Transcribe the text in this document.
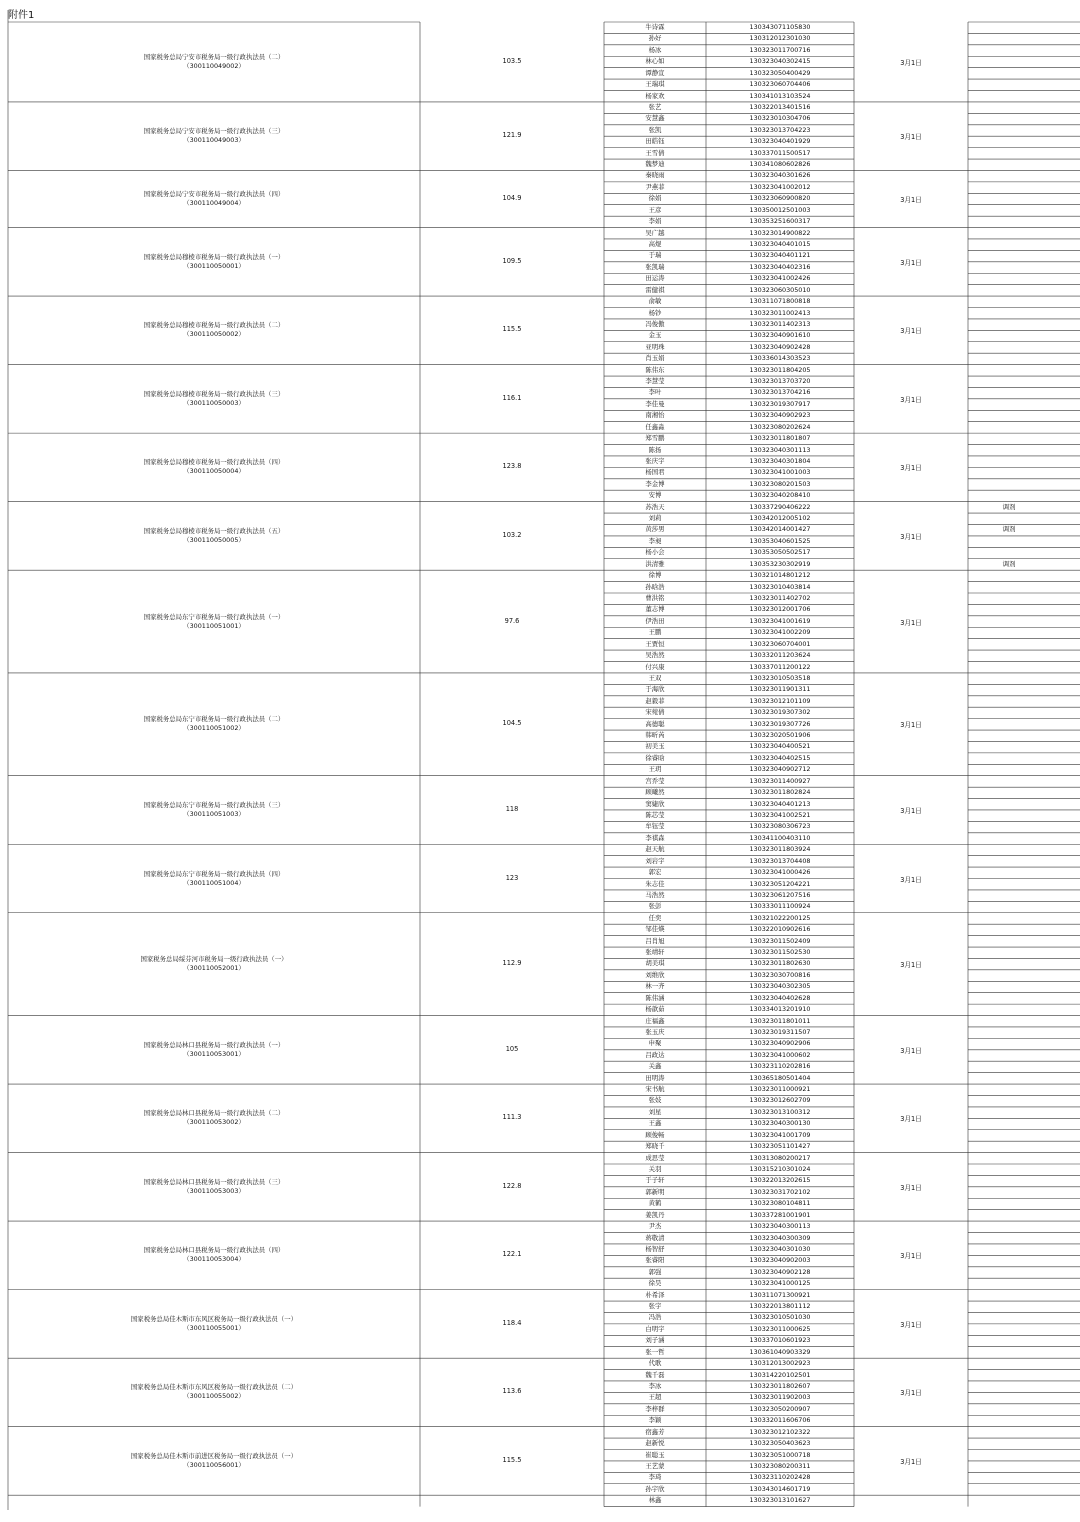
附件1
国家税务总局宁安市税务局一级行政执法员（二）
（300110049002）
103.5	3月1日
牛诗霖	130343071105830
孙好	130312012301030
杨冰	130323011700716
林心如	130323040302415
谭静宣	130323050400429
王瑞琪	130323060704406
杨家欢	130341013103524
国家税务总局宁安市税务局一级行政执法员（三）
（300110049003）
121.9	3月1日
张艺	130322013401516
安慧鑫	130323010304706
张凯	130323013704223
田皓钰	130323040401929
王雪倩	130337011500517
魏梦迪	130341080602826
国家税务总局宁安市税务局一级行政执法员（四）
（300110049004）
104.9	3月1日
秦晓雨	130323040301626
尹燕菲	130323041002012
徐娟	130323060900820
王彦	130350012501003
李娟	130353251600317
国家税务总局穆棱市税务局一级行政执法员（一）
（300110050001）
109.5	3月1日
吴广越	130323014900822
高煜	130323040401015
于瑞	130323040401121
张凯瑞	130323040402316
田运涛	130323041002426
雷健祺	130323060305010
国家税务总局穆棱市税务局一级行政执法员（二）
（300110050002）
115.5	3月1日
俞敏	130311071800818
杨钞	130323011002413
冯俊傲	130323011402313
金玉	130323040901610
亚明珠	130323040902428
肖玉娟	130336014303523
国家税务总局穆棱市税务局一级行政执法员（三）
（300110050003）
116.1	3月1日
陈伟东	130323011804205
李慧莹	130323013703720
李叶	130323013704216
李佳曼	130323019307917
南湘怡	130323040902923
任鑫淼	130323080202624
国家税务总局穆棱市税务局一级行政执法员（四）
（300110050004）
123.8	3月1日
郑雪鹏	130323011801807
陈扬	130323040301113
张庆宇	130323040301804
杨国君	130323041001003
李金博	130323080201503
安博	130323040208410
国家税务总局穆棱市税务局一级行政执法员（五）
（300110050005）
103.2	3月1日
苏浩天	130337290406222	调剂
刘莉	130342012005102
黄莎男	130342014001427	调剂
李昶	130353040601525
杨小会	130353050502517
洪清雅	130353230302919	调剂
国家税务总局东宁市税务局一级行政执法员（一）
（300110051001）
97.6	3月1日
徐博	130321014801212
孙晗浩	130323010403814
曹洪铭	130323011402702
董志博	130323012001706
伊浩田	130323041001619
王鹏	130323041002209
王贾恒	130323060704001
吴浩然	130332011203624
付兴康	130337011200122
国家税务总局东宁市税务局一级行政执法员（二）
（300110051002）
104.5	3月1日
王双	130323010503518
于海欣	130323011901311
赵毅菲	130323012101109
宋菀倩	130323019307302
高德聪	130323019307726
韩昕芮	130323020501906
初美玉	130323040400521
徐睿晗	130323040402515
王玥	130323040902712
国家税务总局东宁市税务局一级行政执法员（三）
（300110051003）
118	3月1日
宫乔莹	130323011400927
顾曦然	130323011802824
窦婕欣	130323040401213
陈芯莹	130323041002521
牟钰莹	130323080306723
李祺森	130341100403110
国家税务总局东宁市税务局一级行政执法员（四）
（300110051004）
123	3月1日
赵天航	130323011803924
刘岩宇	130323013704408
郭宏	130323041000426
朱志佳	130323051204221
马浩然	130323061207516
张彭	130333011100924
国家税务总局绥芬河市税务局一级行政执法员（一）
（300110052001）
112.9	3月1日
任奕	130321022200125
邹佳煐	130322010902616
吕肖旭	130323011502409
张靖轩	130323011502530
胡美琪	130323011802630
刘维欣	130323030700816
林一齐	130323040302305
陈伟涵	130323040402628
杨歆茹	130334013201910
国家税务总局林口县税务局一级行政执法员（一）
（300110053001）
105	3月1日
庄福鑫	130323011801011
张玉庆	130323019311507
申聚	130323040902906
吕政达	130323041000602
关鑫	130323110202816
田明涛	130365180501404
国家税务总局林口县税务局一级行政执法员（二）
（300110053002）
111.3	3月1日
宋书航	130323011000921
张妓	130323012602709
刘星	130323013100312
王鑫	130323040300130
顾俊畅	130323041001709
郑晓千	130323051101427
国家税务总局林口县税务局一级行政执法员（三）
（300110053003）
122.8	3月1日
成思莹	130313080200217
关羽	130315210301024
于子轩	130322013202615
郭新明	130323031702102
黄鹤	130323080104811
姜凯丹	130337281001901
国家税务总局林口县税务局一级行政执法员（四）
（300110053004）
122.1	3月1日
尹杰	130323040300113
蒋敬清	130323040300309
杨智舒	130323040301030
张睿阳	130323040902003
郭强	130323040902128
徐昊	130323041000125
国家税务总局佳木斯市东风区税务局一级行政执法员（一）
（300110055001）
118.4	3月1日
朴希泽	130311071300921
张宇	130322013801112
冯浩	130323010501030
白明宇	130323011000625
刘子涵	130337010601923
张一哲	130361040903329
国家税务总局佳木斯市东风区税务局一级行政执法员（二）
（300110055002）
113.6	3月1日
代歌	130312013002923
魏千磊	130314220102501
李冰	130323011802607
王超	130323011902003
李梓群	130323050200907
李颖	130332011606706
国家税务总局佳木斯市前进区税务局一级行政执法员（一）
（300110056001）
115.5	3月1日
宿鑫芳	130323012102322
赵新悦	130323050403623
崔聪玉	130323051000718
王艺蒙	130323080200311
李琦	130323110202428
孙宇欣	130343014601719
林鑫	130323013101627
